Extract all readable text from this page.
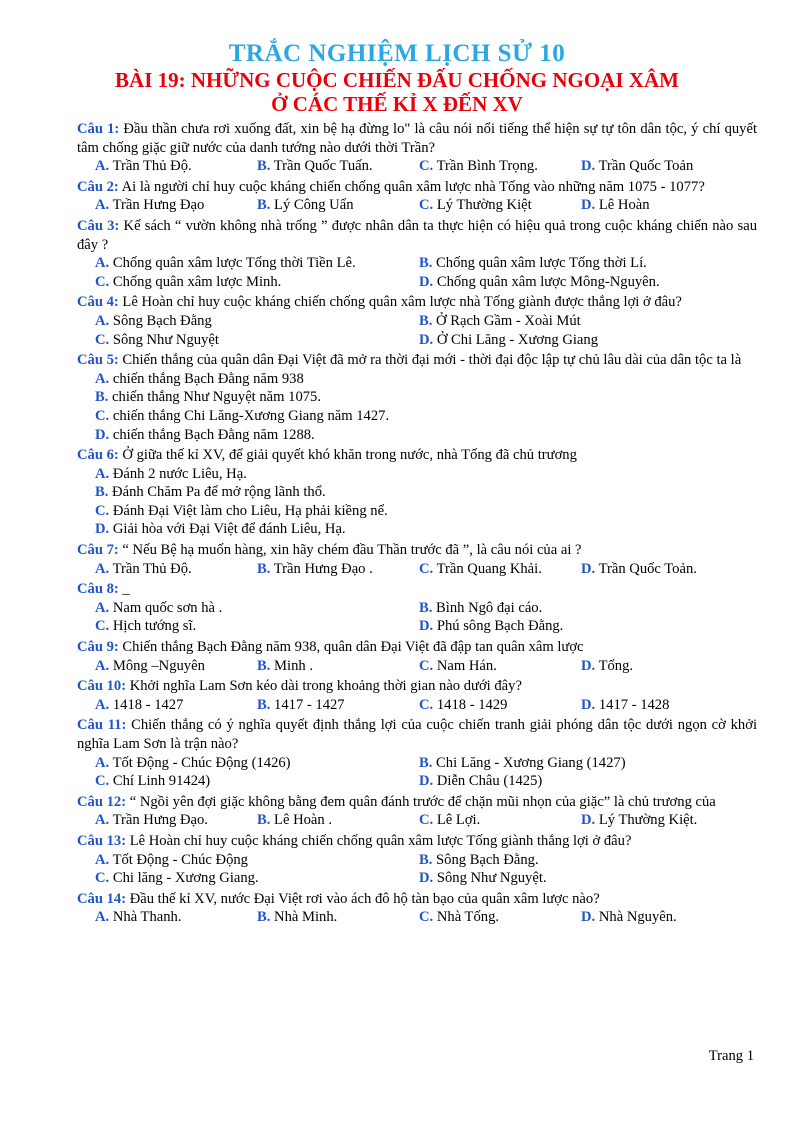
TRẮC NGHIỆM LỊCH SỬ 10
BÀI 19: NHỮNG CUỘC CHIẾN ĐẤU CHỐNG NGOẠI XÂM
Ở CÁC THẾ KỈ X ĐẾN XV
Câu 1: Đầu thần chưa rơi xuống đất, xin bệ hạ đừng lo" là câu nói nổi tiếng thể hiện sự tự tôn dân tộc, ý chí quyết tâm chống giặc giữ nước của danh tướng nào dưới thời Trần?
A. Trần Thủ Độ.	B. Trần Quốc Tuấn.	C. Trần Bình Trọng.	D. Trần Quốc Toản
Câu 2: Ai là người chỉ huy cuộc kháng chiến chống quân xâm lược nhà Tống vào những năm 1075 - 1077?
A. Trần Hưng Đạo	B. Lý Công Uẩn	C. Lý Thường Kiệt	D. Lê Hoàn
Câu 3: Kế sách “ vườn không nhà trống ” được nhân dân ta thực hiện có hiệu quả trong cuộc kháng chiến nào sau đây ?
A. Chống quân xâm lược Tống thời Tiền Lê.	B. Chống quân xâm lược Tống thời Lí.
C. Chống quân xâm lược Minh.	D. Chống quân xâm lược Mông-Nguyên.
Câu 4: Lê Hoàn chỉ huy cuộc kháng chiến chống quân xâm lược nhà Tống giành được thắng lợi ở đâu?
A. Sông Bạch Đằng	B. Ở Rạch Gầm - Xoài Mút
C. Sông Như Nguyệt	D. Ở Chi Lăng - Xương Giang
Câu 5: Chiến thắng của quân dân Đại Việt đã mở ra thời đại mới - thời đại độc lập tự chủ lâu dài của dân tộc ta là
A. chiến thắng Bạch Đằng năm 938
B. chiến thắng Như Nguyệt năm 1075.
C. chiến thắng Chi Lăng-Xương Giang năm 1427.
D. chiến thắng Bạch Đằng năm 1288.
Câu 6: Ở giữa thế kỉ XV, để giải quyết khó khăn trong nước, nhà Tống đã chủ trương
A. Đánh 2 nước Liêu, Hạ.
B. Đánh Chăm Pa để mở rộng lãnh thổ.
C. Đánh Đại Việt làm cho Liêu, Hạ phải kiềng nể.
D. Giải hòa với Đại Việt để đánh Liêu, Hạ.
Câu 7: “ Nếu Bệ hạ muốn hàng, xin hãy chém đầu Thần trước đã ”, là câu nói của ai ?
A. Trần Thủ Độ.	B. Trần Hưng Đạo .	C. Trần Quang Khải.	D. Trần Quốc Toản.
Câu 8: _
A. Nam quốc sơn hà .	B. Bình Ngô đại cáo.
C. Hịch tướng sĩ.	D. Phú sông Bạch Đằng.
Câu 9: Chiến thắng Bạch Đằng năm 938, quân dân Đại Việt đã đập tan quân xâm lược
A. Mông –Nguyên	B. Minh .	C. Nam Hán.	D. Tống.
Câu 10: Khởi nghĩa Lam Sơn kéo dài trong khoảng thời gian nào dưới đây?
A. 1418 - 1427	B. 1417 - 1427	C. 1418 - 1429	D. 1417 - 1428
Câu 11: Chiến thắng có ý nghĩa quyết định thắng lợi của cuộc chiến tranh giải phóng dân tộc dưới ngọn cờ khởi nghĩa Lam Sơn là trận nào?
A. Tốt Động - Chúc Động (1426)	B. Chi Lăng - Xương Giang (1427)
C. Chí Linh 91424)	D. Diễn Châu (1425)
Câu 12: “ Ngồi yên đợi giặc không bằng đem quân đánh trước để chặn mũi nhọn của giặc” là chủ trương của
A. Trần Hưng Đạo.	B. Lê Hoàn .	C. Lê Lợi.	D. Lý Thường Kiệt.
Câu 13: Lê Hoàn chỉ huy cuộc kháng chiến chống quân xâm lược Tống giành thắng lợi ở đâu?
A. Tốt Động - Chúc Động	B. Sông Bạch Đằng.
C. Chi lăng - Xương Giang.	D. Sông Như Nguyệt.
Câu 14: Đầu thế kỉ XV, nước Đại Việt rơi vào ách đô hộ tàn bạo của quân xâm lược nào?
A. Nhà Thanh.	B. Nhà Minh.	C. Nhà Tống.	D. Nhà Nguyên.
Trang 1
